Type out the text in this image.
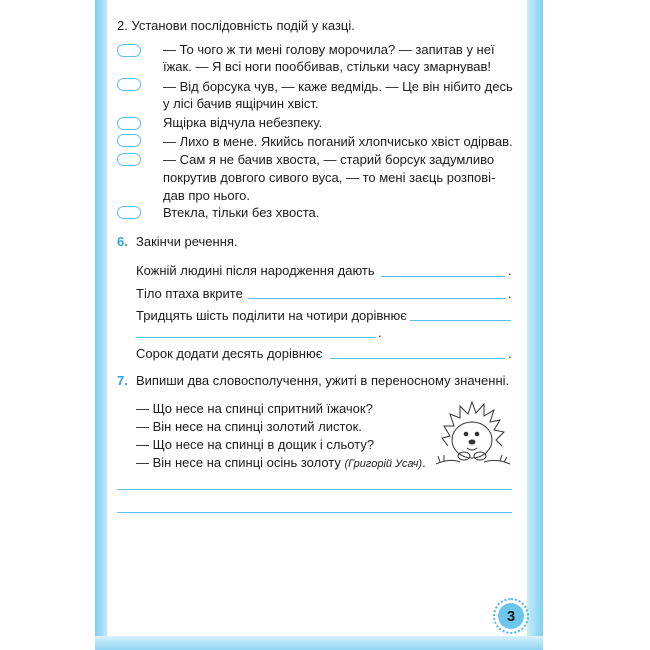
2. Установи послідовність подій у казці.
— То чого ж ти мені голову морочила? — запитав у неї
їжак. — Я всі ноги пооббивав, стільки часу змарнував!
— Від борсука чув, — каже ведмідь. — Це він нібито десь
у лісі бачив ящірчин хвіст.
Ящірка відчула небезпеку.
— Лихо в мене. Якийсь поганий хлопчисько хвіст одірвав.
— Сам я не бачив хвоста, — старий борсук задумливо
покрутив довгого сивого вуса, — то мені заєць розпові-
дав про нього.
Втекла, тільки без хвоста.
6. Закінчи речення.
Кожній людині після народження дають	.
Тіло птаха вкрите	.
Тридцять шість поділити на чотири дорівнює
.
Сорок додати десять дорівнює	.
7. Випиши два словосполучення, ужиті в переносному значенні.
— Що несе на спинці спритний їжачок?
— Він несе на спинці золотий листок.
— Що несе на спинці в дощик і сльоту?
— Він несе на спинці осінь золоту (Григорій Усач).
3
